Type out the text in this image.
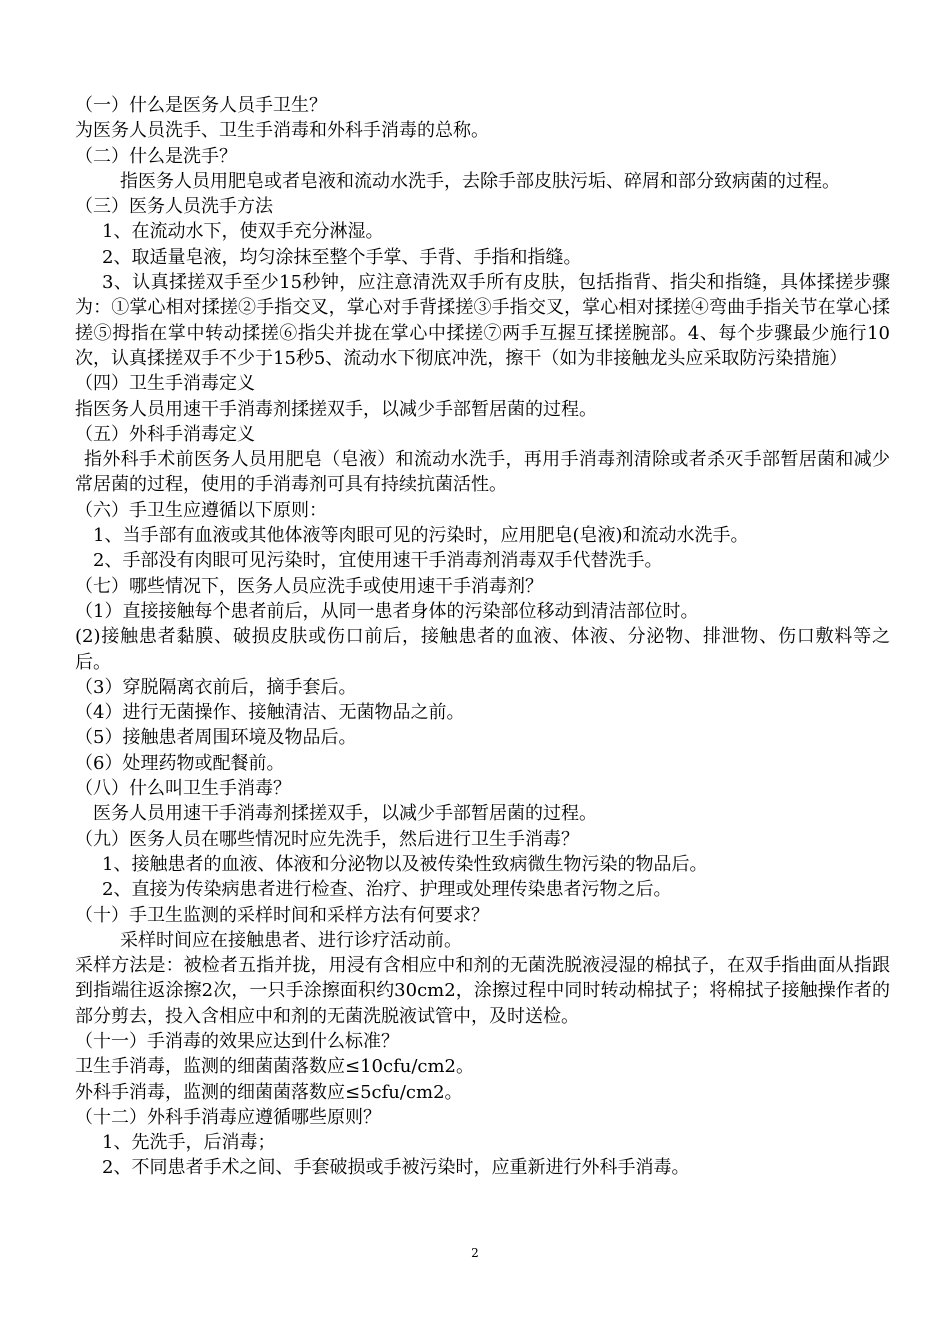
（一）什么是医务人员手卫生？

为医务人员洗手、卫生手消毒和外科手消毒的总称。

（二）什么是洗手？

指医务人员用肥皂或者皂液和流动水洗手，去除手部皮肤污垢、碎屑和部分致病菌的过程。

（三）医务人员洗手方法

1、在流动水下，使双手充分淋湿。

2、取适量皂液，均匀涂抹至整个手掌、手背、手指和指缝。

3、认真揉搓双手至少15秒钟，应注意清洗双手所有皮肤，包括指背、指尖和指缝，具体揉搓步骤为：①掌心相对揉搓②手指交叉，掌心对手背揉搓③手指交叉，掌心相对揉搓④弯曲手指关节在掌心揉搓⑤拇指在掌中转动揉搓⑥指尖并拢在掌心中揉搓⑦两手互握互揉搓腕部。4、每个步骤最少施行10次，认真揉搓双手不少于15秒5、流动水下彻底冲洗，擦干（如为非接触龙头应采取防污染措施）

（四）卫生手消毒定义

指医务人员用速干手消毒剂揉搓双手，以减少手部暂居菌的过程。

（五）外科手消毒定义

指外科手术前医务人员用肥皂（皂液）和流动水洗手，再用手消毒剂清除或者杀灭手部暂居菌和减少常居菌的过程，使用的手消毒剂可具有持续抗菌活性。

（六）手卫生应遵循以下原则：

1、当手部有血液或其他体液等肉眼可见的污染时，应用肥皂(皂液)和流动水洗手。

2、手部没有肉眼可见污染时，宜使用速干手消毒剂消毒双手代替洗手。

（七）哪些情况下，医务人员应洗手或使用速干手消毒剂？

（1）直接接触每个患者前后，从同一患者身体的污染部位移动到清洁部位时。

(2)接触患者黏膜、破损皮肤或伤口前后，接触患者的血液、体液、分泌物、排泄物、伤口敷料等之后。

（3）穿脱隔离衣前后，摘手套后。

（4）进行无菌操作、接触清洁、无菌物品之前。

（5）接触患者周围环境及物品后。

（6）处理药物或配餐前。

（八）什么叫卫生手消毒？

医务人员用速干手消毒剂揉搓双手，以减少手部暂居菌的过程。

（九）医务人员在哪些情况时应先洗手，然后进行卫生手消毒？

1、接触患者的血液、体液和分泌物以及被传染性致病微生物污染的物品后。

2、直接为传染病患者进行检查、治疗、护理或处理传染患者污物之后。

（十）手卫生监测的采样时间和采样方法有何要求？

采样时间应在接触患者、进行诊疗活动前。

采样方法是：被检者五指并拢，用浸有含相应中和剂的无菌洗脱液浸湿的棉拭子，在双手指曲面从指跟到指端往返涂擦2次，一只手涂擦面积约30cm2，涂擦过程中同时转动棉拭子；将棉拭子接触操作者的部分剪去，投入含相应中和剂的无菌洗脱液试管中，及时送检。

（十一）手消毒的效果应达到什么标准？

卫生手消毒，监测的细菌菌落数应≤10cfu/cm2。

外科手消毒，监测的细菌菌落数应≤5cfu/cm2。

（十二）外科手消毒应遵循哪些原则？

1、先洗手，后消毒；

2、不同患者手术之间、手套破损或手被污染时，应重新进行外科手消毒。

2
